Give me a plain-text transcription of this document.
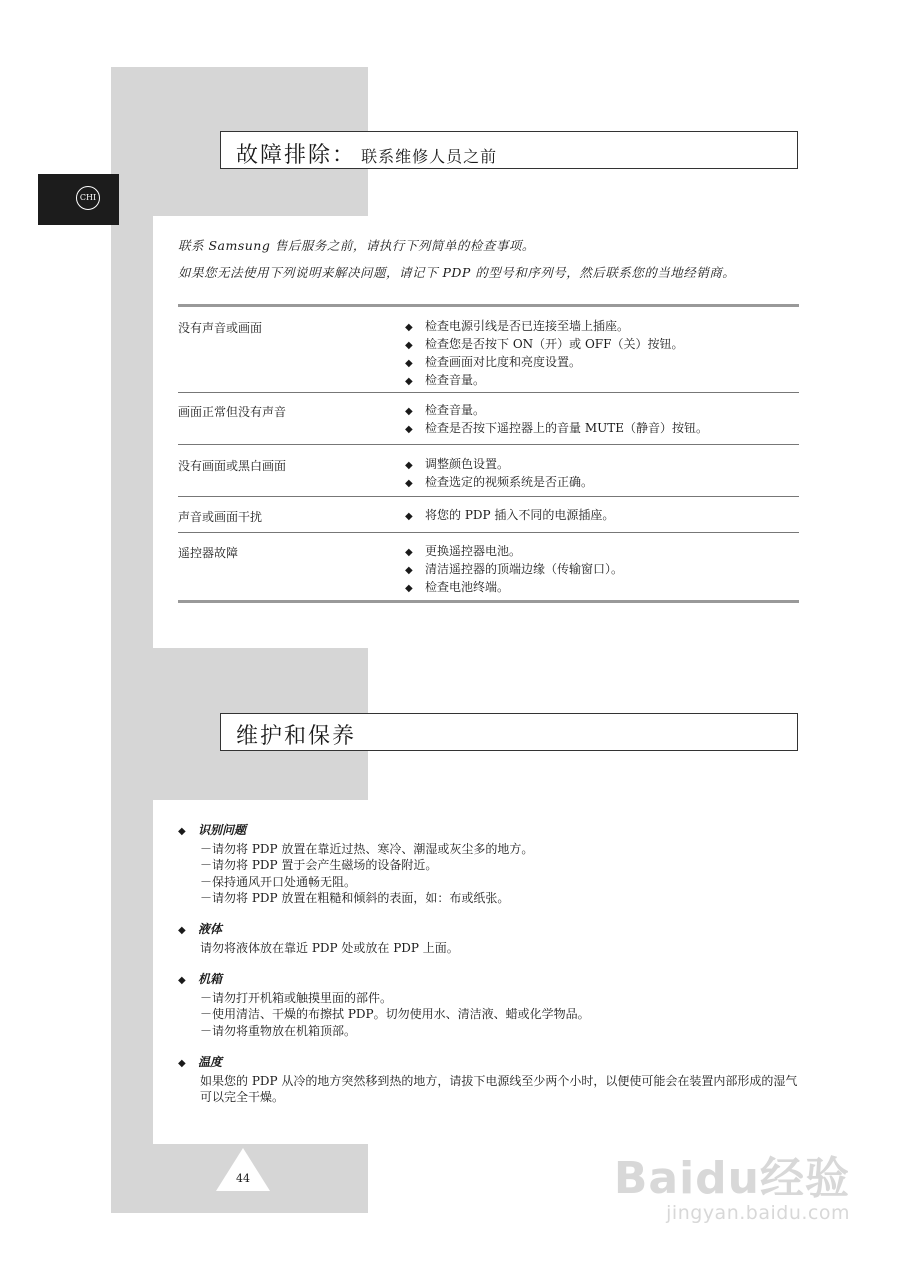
CHI
故障排除： 联系维修人员之前
联系 Samsung 售后服务之前，请执行下列简单的检查事项。
如果您无法使用下列说明来解决问题，请记下 PDP 的型号和序列号，然后联系您的当地经销商。
没有声音或画面	◆ 检查电源引线是否已连接至墙上插座。
◆ 检查您是否按下 ON（开）或 OFF（关）按钮。
◆ 检查画面对比度和亮度设置。
◆ 检查音量。
画面正常但没有声音	◆ 检查音量。
◆ 检查是否按下遥控器上的音量 MUTE（静音）按钮。
没有画面或黑白画面	◆ 调整颜色设置。
◆ 检查选定的视频系统是否正确。
声音或画面干扰	◆ 将您的 PDP 插入不同的电源插座。
遥控器故障	◆ 更换遥控器电池。
◆ 清洁遥控器的顶端边缘（传输窗口）。
◆ 检查电池终端。
维护和保养
◆ 识别问题
－请勿将 PDP 放置在靠近过热、寒冷、潮湿或灰尘多的地方。
－请勿将 PDP 置于会产生磁场的设备附近。
－保持通风开口处通畅无阻。
－请勿将 PDP 放置在粗糙和倾斜的表面，如：布或纸张。
◆ 液体
请勿将液体放在靠近 PDP 处或放在 PDP 上面。
◆ 机箱
－请勿打开机箱或触摸里面的部件。
－使用清洁、干燥的布擦拭 PDP。切勿使用水、清洁液、蜡或化学物品。
－请勿将重物放在机箱顶部。
◆ 温度
如果您的 PDP 从冷的地方突然移到热的地方，请拔下电源线至少两个小时，以便使可能会在装置内部形成的湿气可以完全干燥。
44	Baidu经验
jingyan.baidu.com
